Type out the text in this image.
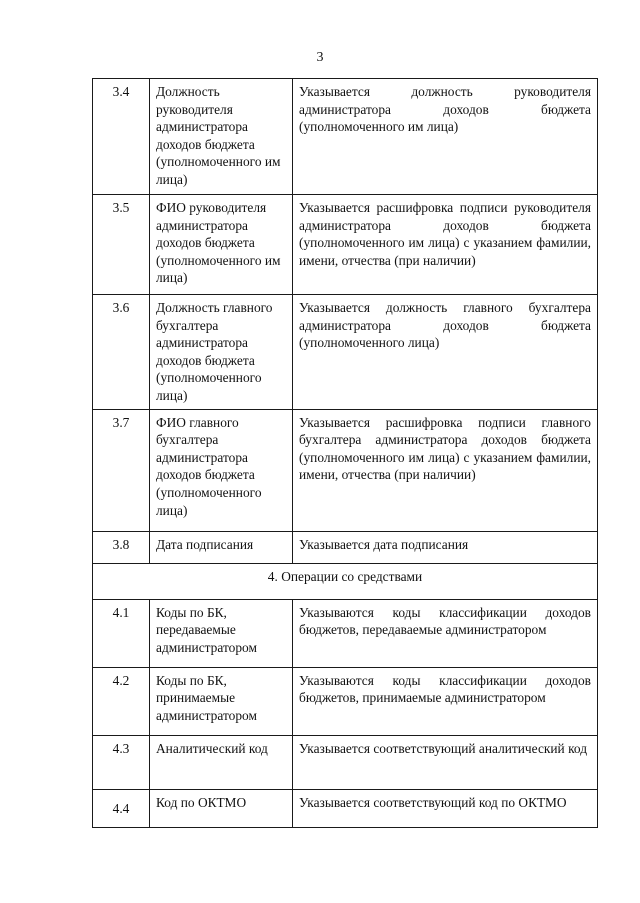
3
3.4	Должность руководителя администратора доходов бюджета (уполномоченного им лица)	Указывается должность руководителя администратора доходов бюджета (уполномоченного им лица)
3.5	ФИО руководителя администратора доходов бюджета (уполномоченного им лица)	Указывается расшифровка подписи руководителя администратора доходов бюджета (уполномоченного им лица) с указанием фамилии, имени, отчества (при наличии)
3.6	Должность главного бухгалтера администратора доходов бюджета (уполномоченного лица)	Указывается должность главного бухгалтера администратора доходов бюджета (уполномоченного лица)
3.7	ФИО главного бухгалтера администратора доходов бюджета (уполномоченного лица)	Указывается расшифровка подписи главного бухгалтера администратора доходов бюджета (уполномоченного им лица) с указанием фамилии, имени, отчества (при наличии)
3.8	Дата подписания	Указывается дата подписания
4. Операции со средствами		
4.1	Коды по БК, передаваемые администратором	Указываются коды классификации доходов бюджетов, передаваемые администратором
4.2	Коды по БК, принимаемые администратором	Указываются коды классификации доходов бюджетов, принимаемые администратором
4.3	Аналитический код	Указывается соответствующий аналитический код
4.4	Код по ОКТМО	Указывается соответствующий код по ОКТМО
